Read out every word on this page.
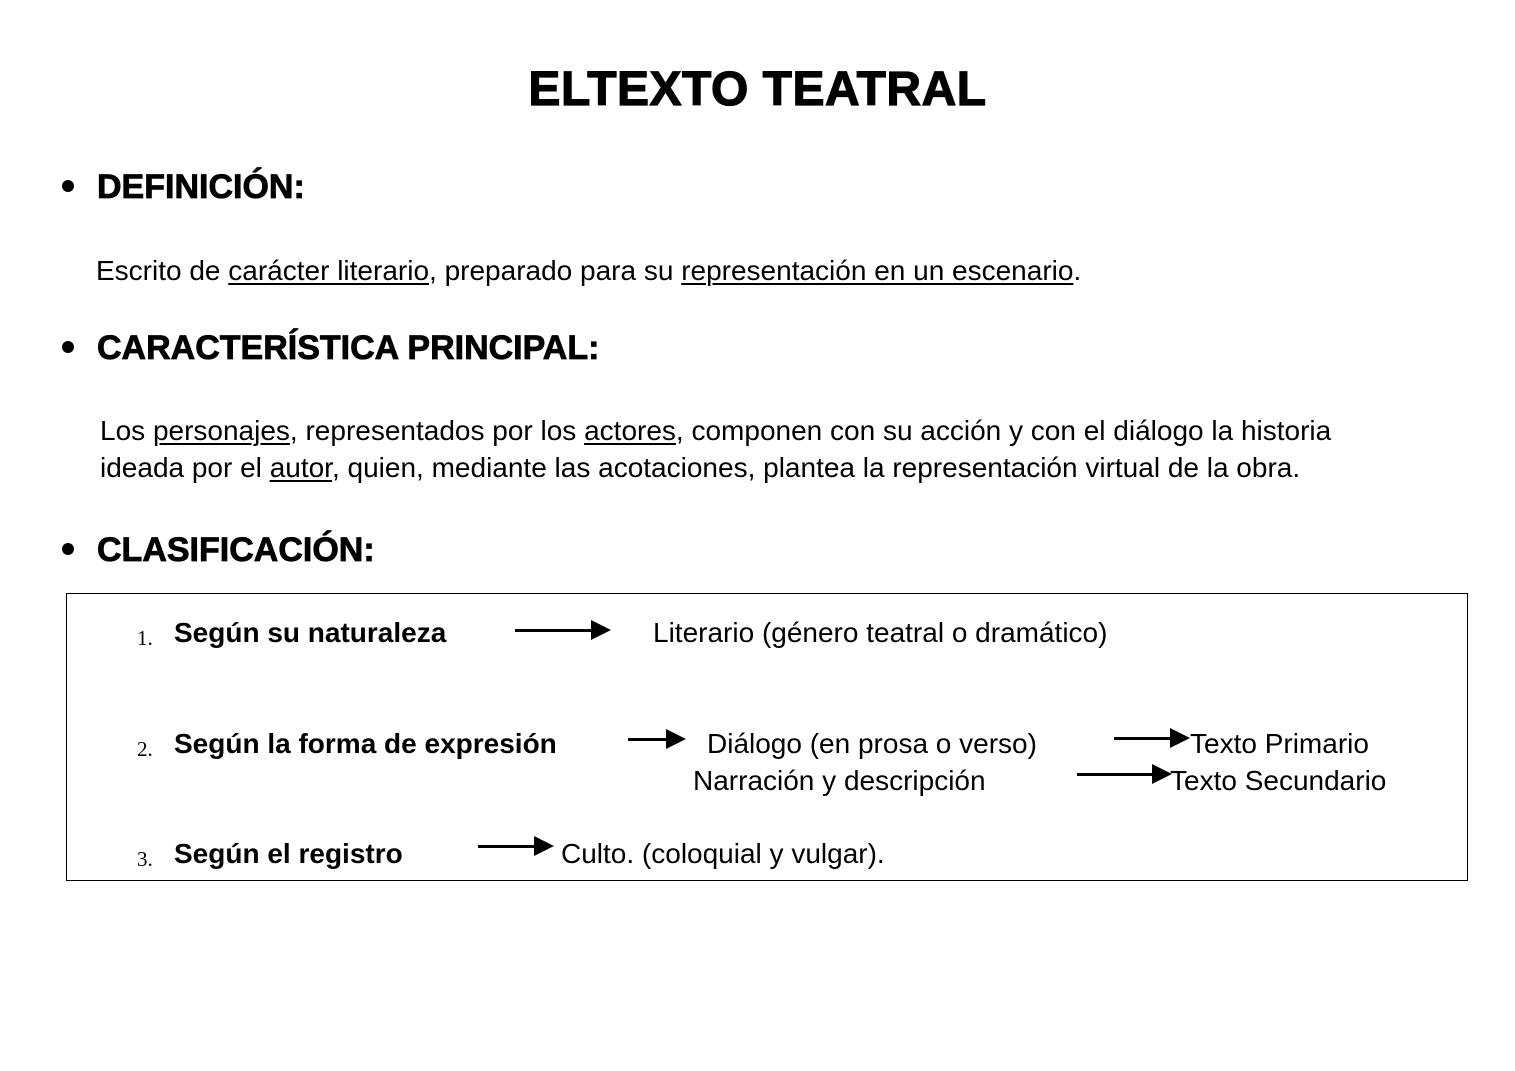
ELTEXTO TEATRAL
DEFINICIÓN:
Escrito de carácter literario, preparado para su representación en un escenario.
CARACTERÍSTICA PRINCIPAL:
Los personajes, representados por los actores, componen con su acción y con el diálogo la historia
ideada por el autor, quien, mediante las acotaciones, plantea la representación virtual de la obra.
CLASIFICACIÓN:
1. Según su naturaleza	Literario (género teatral o dramático)
2. Según la forma de expresión	Diálogo (en prosa o verso)	Texto Primario
Narración y descripción	Texto Secundario
3. Según el registro	Culto. (coloquial y vulgar).
